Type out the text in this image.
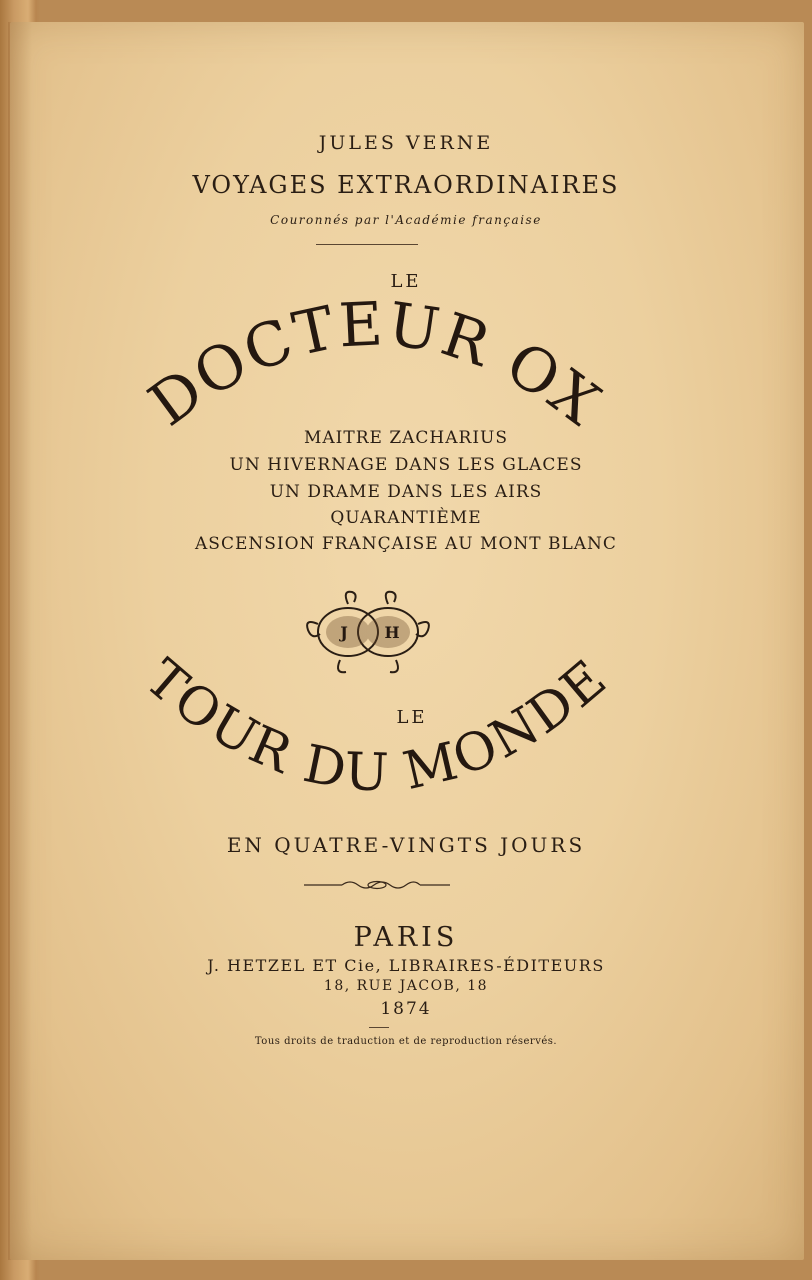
JULES VERNE

VOYAGES EXTRAORDINAIRES

Couronnés par l'Académie française

LE

DOCTEUR OX

MAITRE ZACHARIUS

UN HIVERNAGE DANS LES GLACES

UN DRAME DANS LES AIRS

QUARANTIÈME

ASCENSION FRANÇAISE AU MONT BLANC

J H

LE

TOUR DU MONDE

EN QUATRE-VINGTS JOURS

PARIS

J. HETZEL ET Cie, LIBRAIRES-ÉDITEURS

18, RUE JACOB, 18

1874

Tous droits de traduction et de reproduction réservés.
